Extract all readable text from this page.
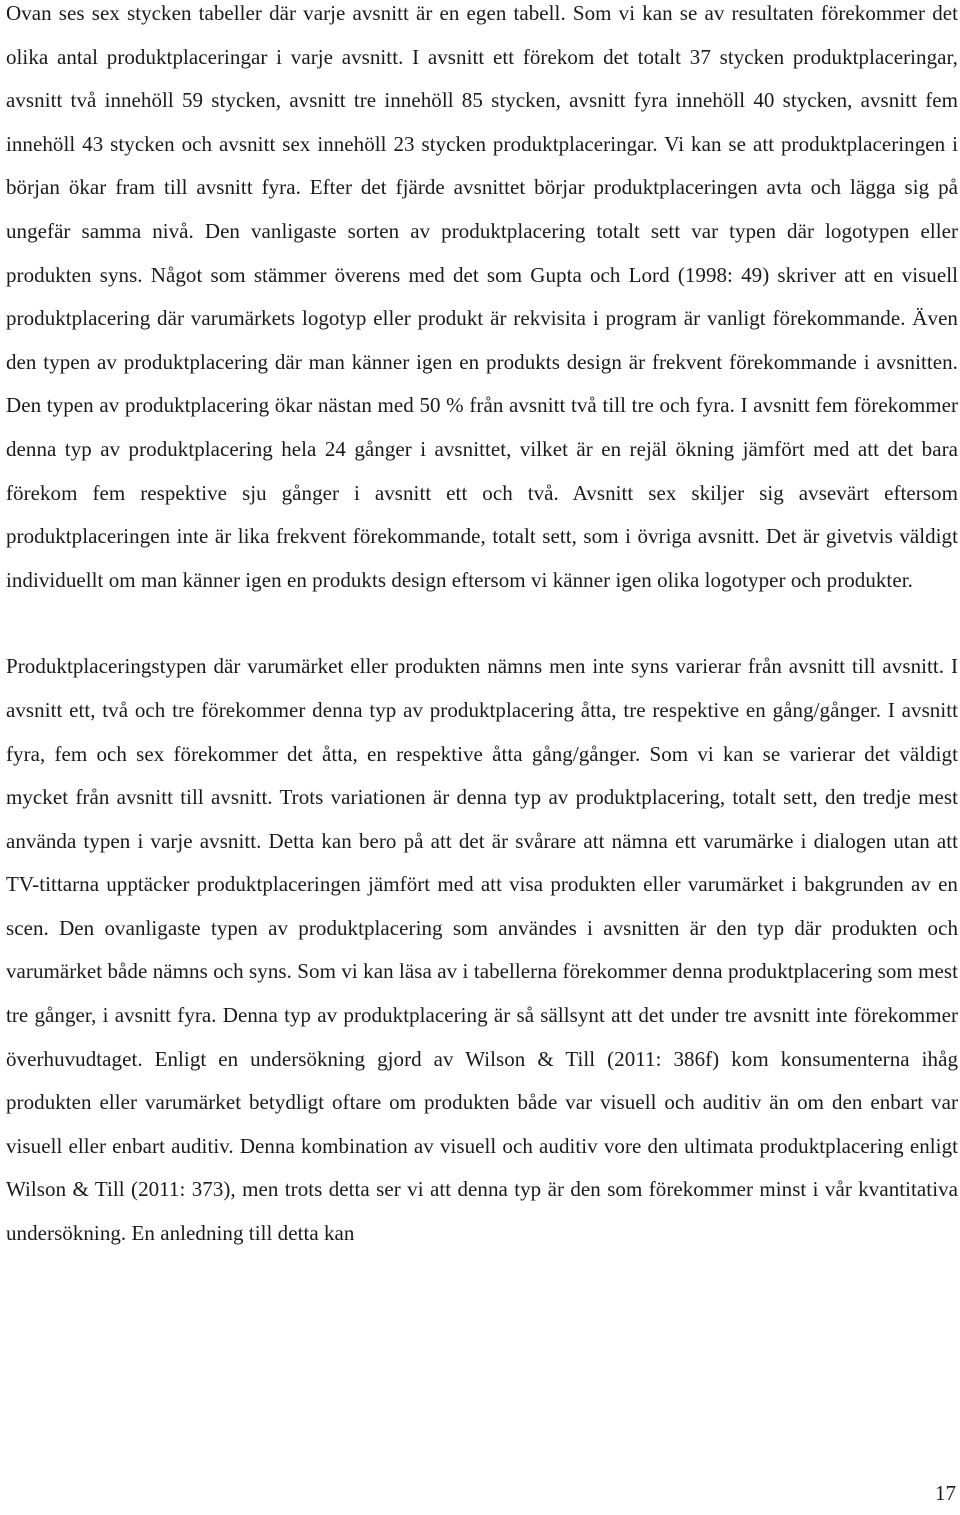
Ovan ses sex stycken tabeller där varje avsnitt är en egen tabell. Som vi kan se av resultaten förekommer det olika antal produktplaceringar i varje avsnitt. I avsnitt ett förekom det totalt 37 stycken produktplaceringar, avsnitt två innehöll 59 stycken, avsnitt tre innehöll 85 stycken, avsnitt fyra innehöll 40 stycken, avsnitt fem innehöll 43 stycken och avsnitt sex innehöll 23 stycken produktplaceringar. Vi kan se att produktplaceringen i början ökar fram till avsnitt fyra. Efter det fjärde avsnittet börjar produktplaceringen avta och lägga sig på ungefär samma nivå. Den vanligaste sorten av produktplacering totalt sett var typen där logotypen eller produkten syns. Något som stämmer överens med det som Gupta och Lord (1998: 49) skriver att en visuell produktplacering där varumärkets logotyp eller produkt är rekvisita i program är vanligt förekommande. Även den typen av produktplacering där man känner igen en produkts design är frekvent förekommande i avsnitten. Den typen av produktplacering ökar nästan med 50 % från avsnitt två till tre och fyra. I avsnitt fem förekommer denna typ av produktplacering hela 24 gånger i avsnittet, vilket är en rejäl ökning jämfört med att det bara förekom fem respektive sju gånger i avsnitt ett och två. Avsnitt sex skiljer sig avsevärt eftersom produktplaceringen inte är lika frekvent förekommande, totalt sett, som i övriga avsnitt. Det är givetvis väldigt individuellt om man känner igen en produkts design eftersom vi känner igen olika logotyper och produkter.

Produktplaceringstypen där varumärket eller produkten nämns men inte syns varierar från avsnitt till avsnitt. I avsnitt ett, två och tre förekommer denna typ av produktplacering åtta, tre respektive en gång/gånger. I avsnitt fyra, fem och sex förekommer det åtta, en respektive åtta gång/gånger. Som vi kan se varierar det väldigt mycket från avsnitt till avsnitt. Trots variationen är denna typ av produktplacering, totalt sett, den tredje mest använda typen i varje avsnitt. Detta kan bero på att det är svårare att nämna ett varumärke i dialogen utan att TV-tittarna upptäcker produktplaceringen jämfört med att visa produkten eller varumärket i bakgrunden av en scen. Den ovanligaste typen av produktplacering som användes i avsnitten är den typ där produkten och varumärket både nämns och syns. Som vi kan läsa av i tabellerna förekommer denna produktplacering som mest tre gånger, i avsnitt fyra. Denna typ av produktplacering är så sällsynt att det under tre avsnitt inte förekommer överhuvudtaget. Enligt en undersökning gjord av Wilson & Till (2011: 386f) kom konsumenterna ihåg produkten eller varumärket betydligt oftare om produkten både var visuell och auditiv än om den enbart var visuell eller enbart auditiv. Denna kombination av visuell och auditiv vore den ultimata produktplacering enligt Wilson & Till (2011: 373), men trots detta ser vi att denna typ är den som förekommer minst i vår kvantitativa undersökning. En anledning till detta kan

17
